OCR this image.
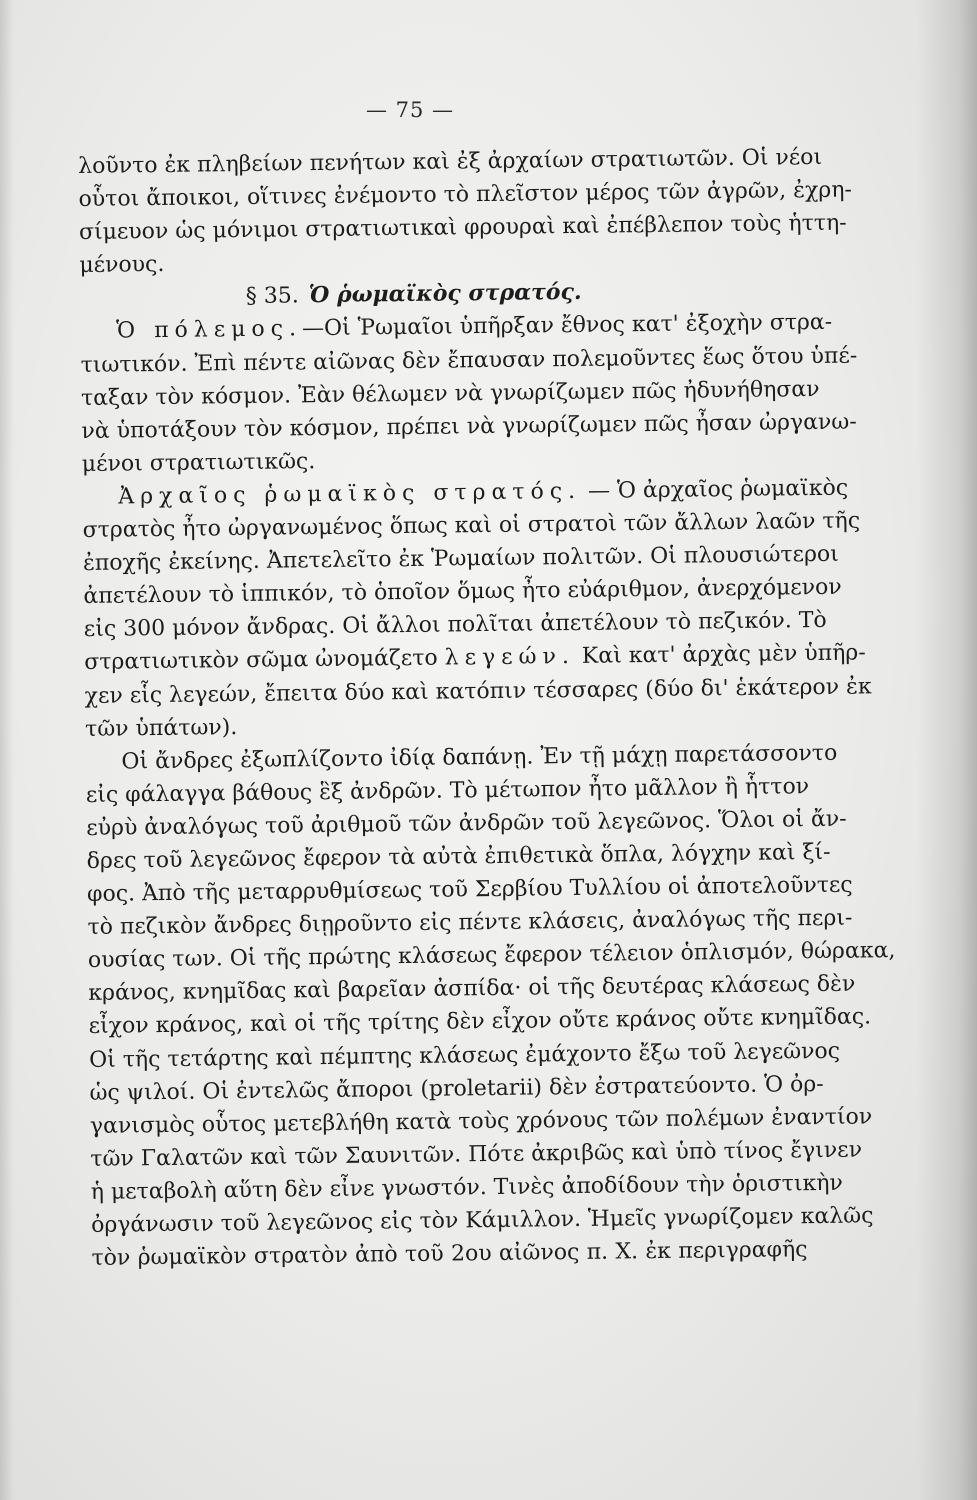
— 75 —
λοῦντο ἐκ πληβείων πενήτων καὶ ἐξ ἀρχαίων στρατιωτῶν. Οἱ νέοι
οὗτοι ἄποικοι, οἵτινες ἐνέμοντο τὸ πλεῖστον μέρος τῶν ἀγρῶν, ἐχρη-
σίμευον ὡς μόνιμοι στρατιωτικαὶ φρουραὶ καὶ ἐπέβλεπον τοὺς ἡττη-
μένους.
§ 35. Ὁ ῥωμαϊκὸς στρατός.
Ὁ πόλεμος.—Οἱ Ῥωμαῖοι ὑπῆρξαν ἔθνος κατ' ἐξοχὴν στρα-
τιωτικόν. Ἐπὶ πέντε αἰῶνας δὲν ἔπαυσαν πολεμοῦντες ἕως ὅτου ὑπέ-
ταξαν τὸν κόσμον. Ἐὰν θέλωμεν νὰ γνωρίζωμεν πῶς ἠδυνήθησαν
νὰ ὑποτάξουν τὸν κόσμον, πρέπει νὰ γνωρίζωμεν πῶς ἦσαν ὠργανω-
μένοι στρατιωτικῶς.
Ἀρχαῖος ῥωμαϊκὸς στρατός. — Ὁ ἀρχαῖος ῥωμαϊκὸς
στρατὸς ἦτο ὠργανωμένος ὅπως καὶ οἱ στρατοὶ τῶν ἄλλων λαῶν τῆς
ἐποχῆς ἐκείνης. Ἀπετελεῖτο ἐκ Ῥωμαίων πολιτῶν. Οἱ πλουσιώτεροι
ἀπετέλουν τὸ ἱππικόν, τὸ ὁποῖον ὅμως ἦτο εὐάριθμον, ἀνερχόμενον
εἰς 300 μόνον ἄνδρας. Οἱ ἄλλοι πολῖται ἀπετέλουν τὸ πεζικόν. Τὸ
στρατιωτικὸν σῶμα ὠνομάζετο λεγεών. Καὶ κατ' ἀρχὰς μὲν ὑπῆρ-
χεν εἷς λεγεών, ἔπειτα δύο καὶ κατόπιν τέσσαρες (δύο δι' ἑκάτερον ἐκ
τῶν ὑπάτων).
Οἱ ἄνδρες ἐξωπλίζοντο ἰδίᾳ δαπάνῃ. Ἐν τῇ μάχῃ παρετάσσοντο
εἰς φάλαγγα βάθους ἓξ ἀνδρῶν. Τὸ μέτωπον ἦτο μᾶλλον ἢ ἧττον
εὐρὺ ἀναλόγως τοῦ ἀριθμοῦ τῶν ἀνδρῶν τοῦ λεγεῶνος. Ὅλοι οἱ ἄν-
δρες τοῦ λεγεῶνος ἔφερον τὰ αὐτὰ ἐπιθετικὰ ὅπλα, λόγχην καὶ ξί-
φος. Ἀπὸ τῆς μεταρρυθμίσεως τοῦ Σερβίου Τυλλίου οἱ ἀποτελοῦντες
τὸ πεζικὸν ἄνδρες διῃροῦντο εἰς πέντε κλάσεις, ἀναλόγως τῆς περι-
ουσίας των. Οἱ τῆς πρώτης κλάσεως ἔφερον τέλειον ὁπλισμόν, θώρακα,
κράνος, κνημῖδας καὶ βαρεῖαν ἀσπίδα· οἱ τῆς δευτέρας κλάσεως δὲν
εἶχον κράνος, καὶ οἱ τῆς τρίτης δὲν εἶχον οὔτε κράνος οὔτε κνημῖδας.
Οἱ τῆς τετάρτης καὶ πέμπτης κλάσεως ἐμάχοντο ἔξω τοῦ λεγεῶνος
ὡς ψιλοί. Οἱ ἐντελῶς ἄποροι (proletarii) δὲν ἐστρατεύοντο. Ὁ ὀρ-
γανισμὸς οὗτος μετεβλήθη κατὰ τοὺς χρόνους τῶν πολέμων ἐναντίον
τῶν Γαλατῶν καὶ τῶν Σαυνιτῶν. Πότε ἀκριβῶς καὶ ὑπὸ τίνος ἔγινεν
ἡ μεταβολὴ αὕτη δὲν εἶνε γνωστόν. Τινὲς ἀποδίδουν τὴν ὁριστικὴν
ὀργάνωσιν τοῦ λεγεῶνος εἰς τὸν Κάμιλλον. Ἡμεῖς γνωρίζομεν καλῶς
τὸν ῥωμαϊκὸν στρατὸν ἀπὸ τοῦ 2ου αἰῶνος π. Χ. ἐκ περιγραφῆς
